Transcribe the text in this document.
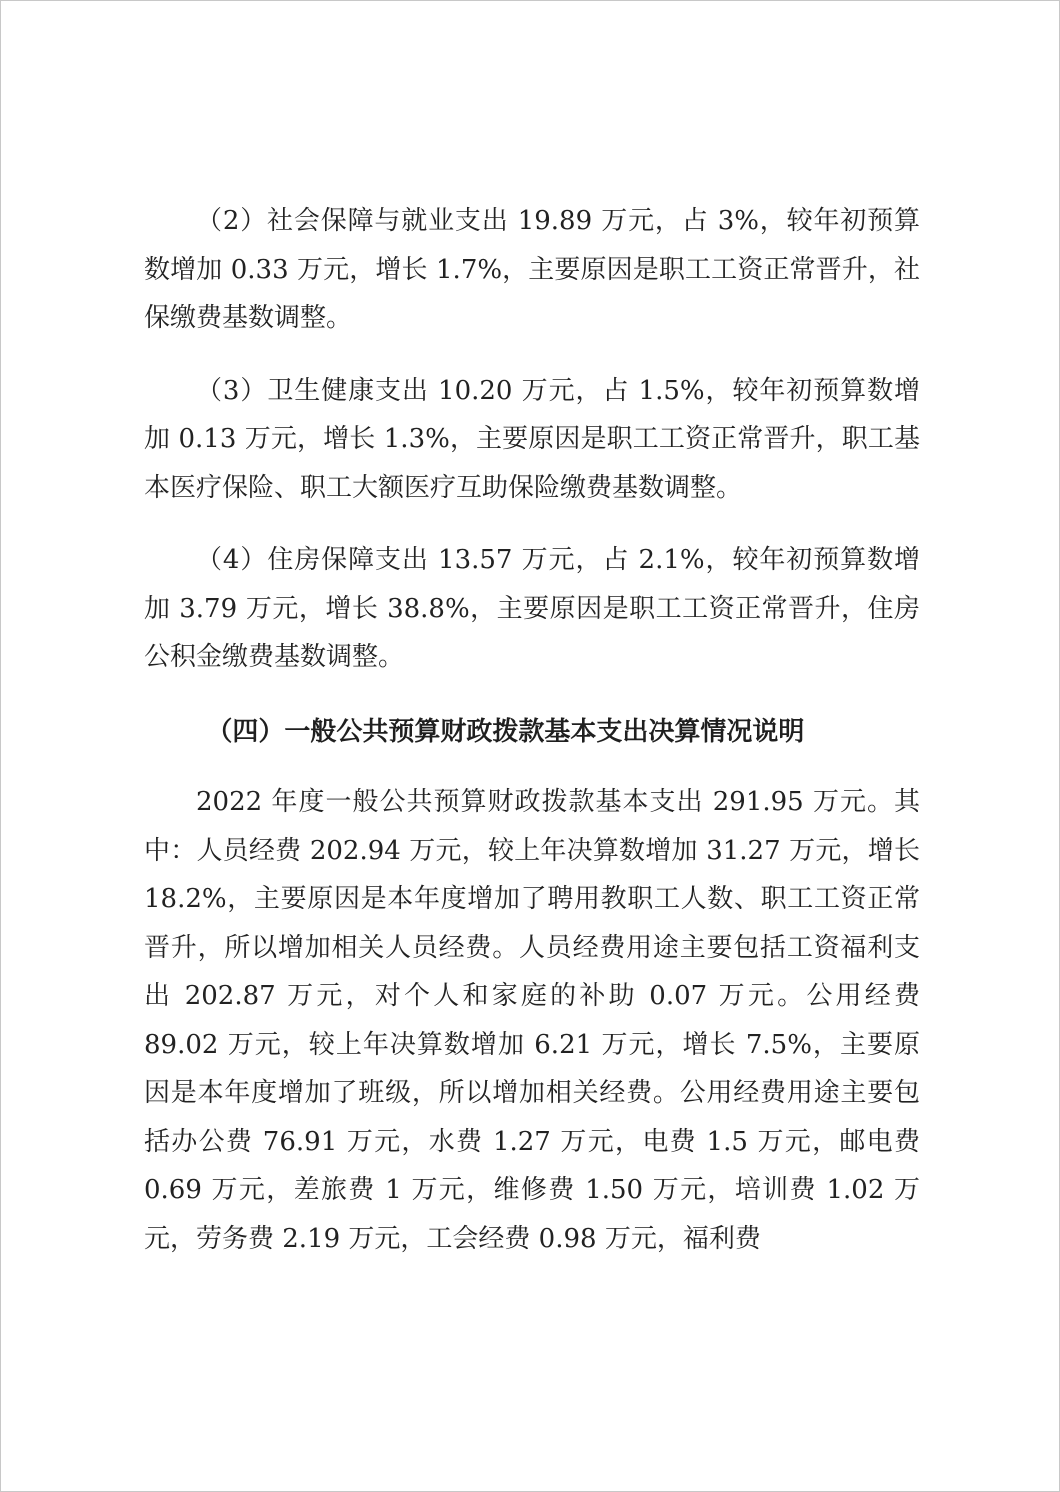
（2）社会保障与就业支出 19.89 万元，占 3%，较年初预算数增加 0.33 万元，增长 1.7%，主要原因是职工工资正常晋升，社保缴费基数调整。

（3）卫生健康支出 10.20 万元，占 1.5%，较年初预算数增加 0.13 万元，增长 1.3%，主要原因是职工工资正常晋升，职工基本医疗保险、职工大额医疗互助保险缴费基数调整。

（4）住房保障支出 13.57 万元，占 2.1%，较年初预算数增加 3.79 万元，增长 38.8%，主要原因是职工工资正常晋升，住房公积金缴费基数调整。

（四）一般公共预算财政拨款基本支出决算情况说明

2022 年度一般公共预算财政拨款基本支出 291.95 万元。其中：人员经费 202.94 万元，较上年决算数增加 31.27 万元，增长 18.2%，主要原因是本年度增加了聘用教职工人数、职工工资正常晋升，所以增加相关人员经费。人员经费用途主要包括工资福利支出 202.87 万元，对个人和家庭的补助 0.07 万元。公用经费 89.02 万元，较上年决算数增加 6.21 万元，增长 7.5%，主要原因是本年度增加了班级，所以增加相关经费。公用经费用途主要包括办公费 76.91 万元，水费 1.27 万元，电费 1.5 万元，邮电费 0.69 万元，差旅费 1 万元，维修费 1.50 万元，培训费 1.02 万元，劳务费 2.19 万元，工会经费 0.98 万元，福利费
